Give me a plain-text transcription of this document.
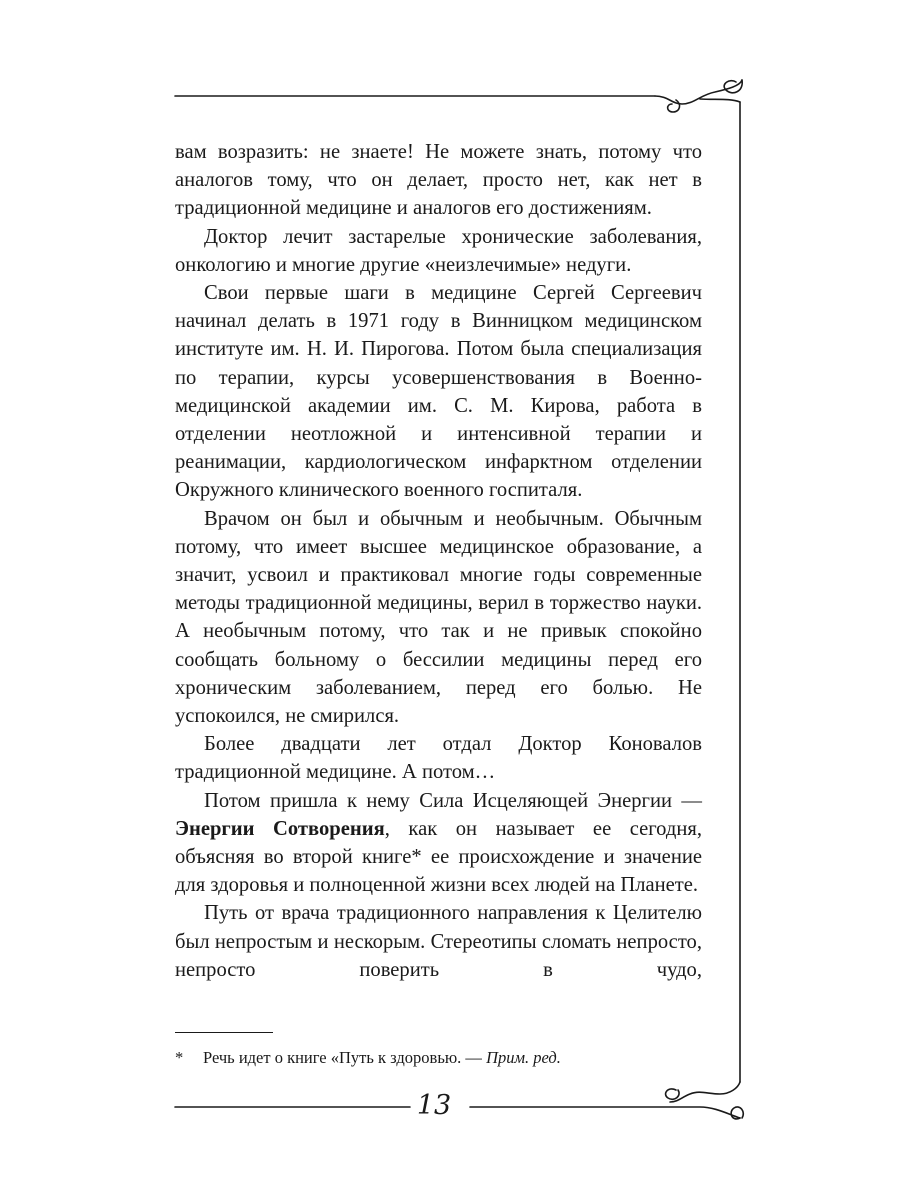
вам возразить: не знаете! Не можете знать, потому что аналогов тому, что он делает, просто нет, как нет в традиционной медицине и аналогов его достижениям.

Доктор лечит застарелые хронические заболевания, онкологию и многие другие «неизлечимые» недуги.

Свои первые шаги в медицине Сергей Сергеевич начинал делать в 1971 году в Винницком медицинском институте им. Н. И. Пирогова. Потом была специализация по терапии, курсы усовершенствования в Военно-медицинской академии им. С. М. Кирова, работа в отделении неотложной и интенсивной терапии и реанимации, кардиологическом инфарктном отделении Окружного клинического военного госпиталя.

Врачом он был и обычным и необычным. Обычным потому, что имеет высшее медицинское образование, а значит, усвоил и практиковал многие годы современные методы традиционной медицины, верил в торжество науки. А необычным потому, что так и не привык спокойно сообщать больному о бессилии медицины перед его хроническим заболеванием, перед его болью. Не успокоился, не смирился.

Более двадцати лет отдал Доктор Коновалов традиционной медицине. А потом…

Потом пришла к нему Сила Исцеляющей Энергии — Энергии Сотворения, как он называет ее сегодня, объясняя во второй книге* ее происхождение и значение для здоровья и полноценной жизни всех людей на Планете.

Путь от врача традиционного направления к Целителю был непростым и нескорым. Стереотипы сломать непросто, непросто поверить в чудо,

* Речь идет о книге «Путь к здоровью. — Прим. ред.
13
